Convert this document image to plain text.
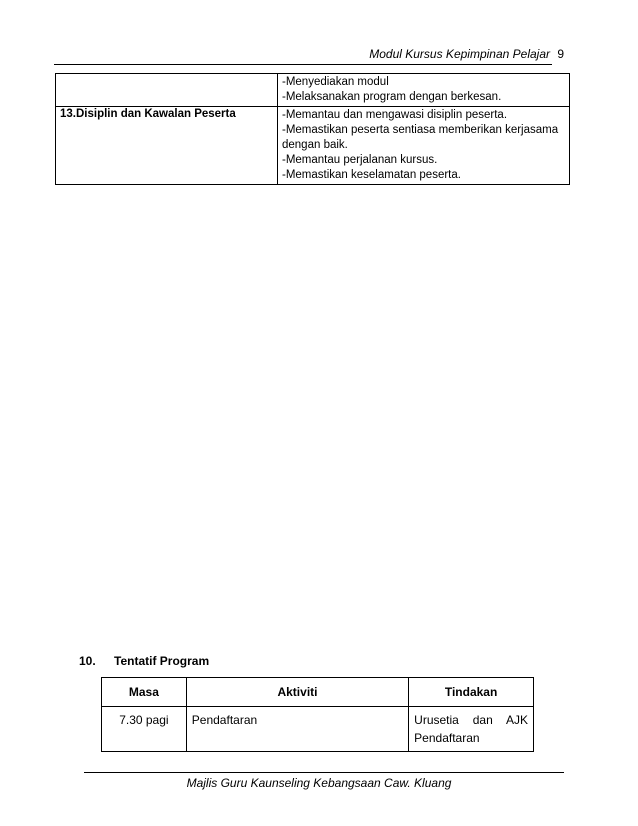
Modul Kursus Kepimpinan Pelajar 9

	-Menyediakan modul
-Melaksanakan program dengan berkesan.

13.Disiplin dan Kawalan Peserta	-Memantau dan mengawasi disiplin peserta.
-Memastikan peserta sentiasa memberikan kerjasama dengan baik.
-Memantau perjalanan kursus.
-Memastikan keselamatan peserta.
10. Tentatif Program
Masa	Aktiviti	Tindakan
7.30 pagi	Pendaftaran	Urusetia dan AJK Pendaftaran
Majlis Guru Kaunseling Kebangsaan Caw. Kluang
